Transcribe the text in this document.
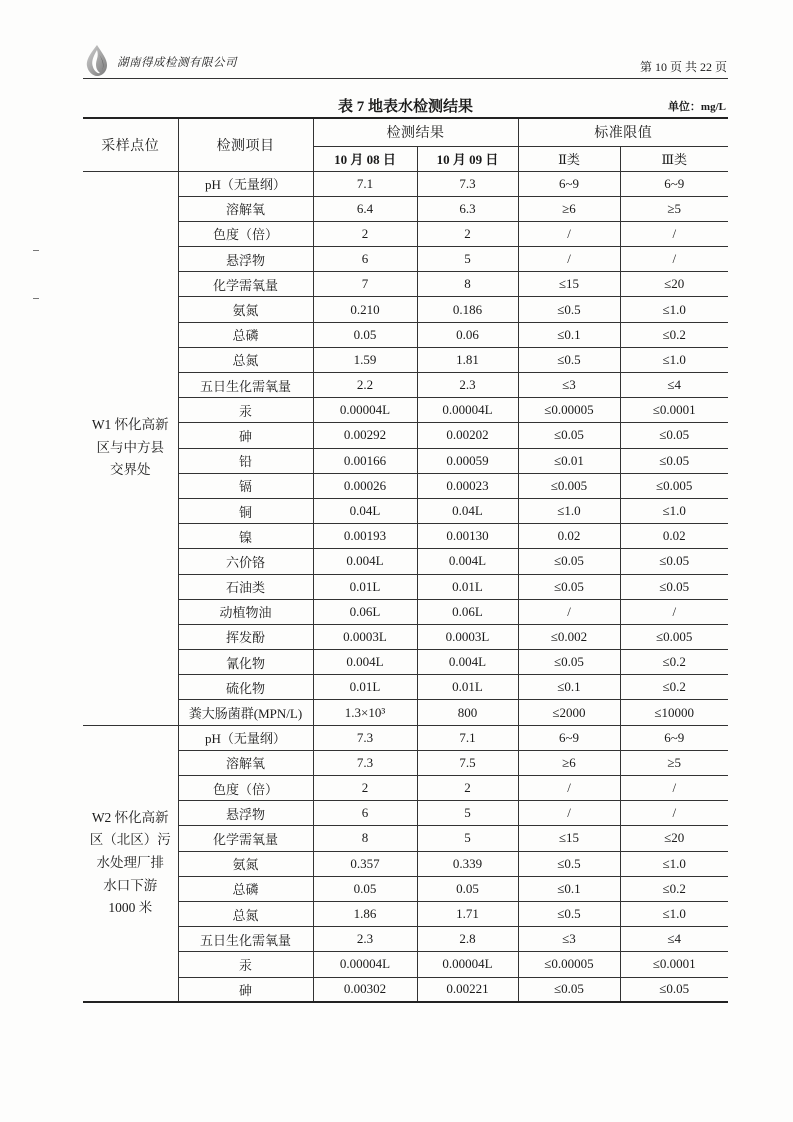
湖南得成检测有限公司	第 10 页 共 22 页
表 7 地表水检测结果	单位：mg/L
采样点位	检测项目	检测结果		标准限值	
		10 月 08 日	10 月 09 日	Ⅱ类	Ⅲ类

W1 怀化高新
区与中方县
交界处	pH（无量纲）	7.1	7.3	6~9	6~9
	溶解氧	6.4	6.3	≥6	≥5
	色度（倍）	2	2	/	/
	悬浮物	6	5	/	/
	化学需氧量	7	8	≤15	≤20
	氨氮	0.210	0.186	≤0.5	≤1.0
	总磷	0.05	0.06	≤0.1	≤0.2
	总氮	1.59	1.81	≤0.5	≤1.0
	五日生化需氧量	2.2	2.3	≤3	≤4
	汞	0.00004L	0.00004L	≤0.00005	≤0.0001
	砷	0.00292	0.00202	≤0.05	≤0.05
	铅	0.00166	0.00059	≤0.01	≤0.05
	镉	0.00026	0.00023	≤0.005	≤0.005
	铜	0.04L	0.04L	≤1.0	≤1.0
	镍	0.00193	0.00130	0.02	0.02
	六价铬	0.004L	0.004L	≤0.05	≤0.05
	石油类	0.01L	0.01L	≤0.05	≤0.05
	动植物油	0.06L	0.06L	/	/
	挥发酚	0.0003L	0.0003L	≤0.002	≤0.005
	氰化物	0.004L	0.004L	≤0.05	≤0.2
	硫化物	0.01L	0.01L	≤0.1	≤0.2
	粪大肠菌群(MPN/L)	1.3×10³	800	≤2000	≤10000

W2 怀化高新
区（北区）污
水处理厂排
水口下游
1000 米	pH（无量纲）	7.3	7.1	6~9	6~9
	溶解氧	7.3	7.5	≥6	≥5
	色度（倍）	2	2	/	/
	悬浮物	6	5	/	/
	化学需氧量	8	5	≤15	≤20
	氨氮	0.357	0.339	≤0.5	≤1.0
	总磷	0.05	0.05	≤0.1	≤0.2
	总氮	1.86	1.71	≤0.5	≤1.0
	五日生化需氧量	2.3	2.8	≤3	≤4
	汞	0.00004L	0.00004L	≤0.00005	≤0.0001
	砷	0.00302	0.00221	≤0.05	≤0.05
